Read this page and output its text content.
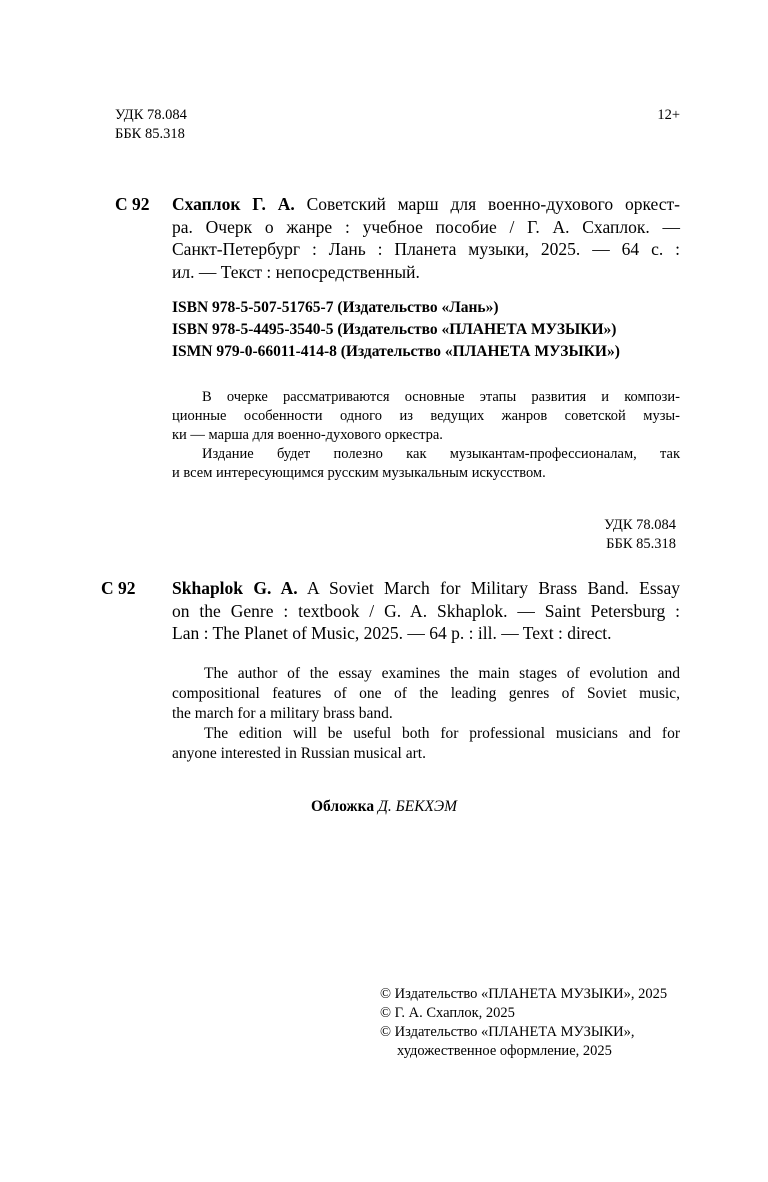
УДК 78.084
ББК 85.318
12+
С 92 Схаплок Г. А. Советский марш для военно-духового оркест-
ра. Очерк о жанре : учебное пособие / Г. А. Схаплок. —
Санкт-Петербург : Лань : Планета музыки, 2025. — 64 с. :
ил. — Текст : непосредственный.
ISBN 978-5-507-51765-7 (Издательство «Лань»)
ISBN 978-5-4495-3540-5 (Издательство «ПЛАНЕТА МУЗЫКИ»)
ISMN 979-0-66011-414-8 (Издательство «ПЛАНЕТА МУЗЫКИ»)
В очерке рассматриваются основные этапы развития и компози-
ционные особенности одного из ведущих жанров советской музы-
ки — марша для военно-духового оркестра.
Издание будет полезно как музыкантам-профессионалам, так
и всем интересующимся русским музыкальным искусством.
УДК 78.084
ББК 85.318
С 92 Skhaplok G. A. A Soviet March for Military Brass Band. Essay
on the Genre : textbook / G. A. Skhaplok. — Saint Petersburg :
Lan : The Planet of Music, 2025. — 64 p. : ill. — Text : direct.
The author of the essay examines the main stages of evolution and
compositional features of one of the leading genres of Soviet music,
the march for a military brass band.
The edition will be useful both for professional musicians and for
anyone interested in Russian musical art.
Обложка Д. БЕКХЭМ
© Издательство «ПЛАНЕТА МУЗЫКИ», 2025
© Г. А. Схаплок, 2025
© Издательство «ПЛАНЕТА МУЗЫКИ»,
художественное оформление, 2025
